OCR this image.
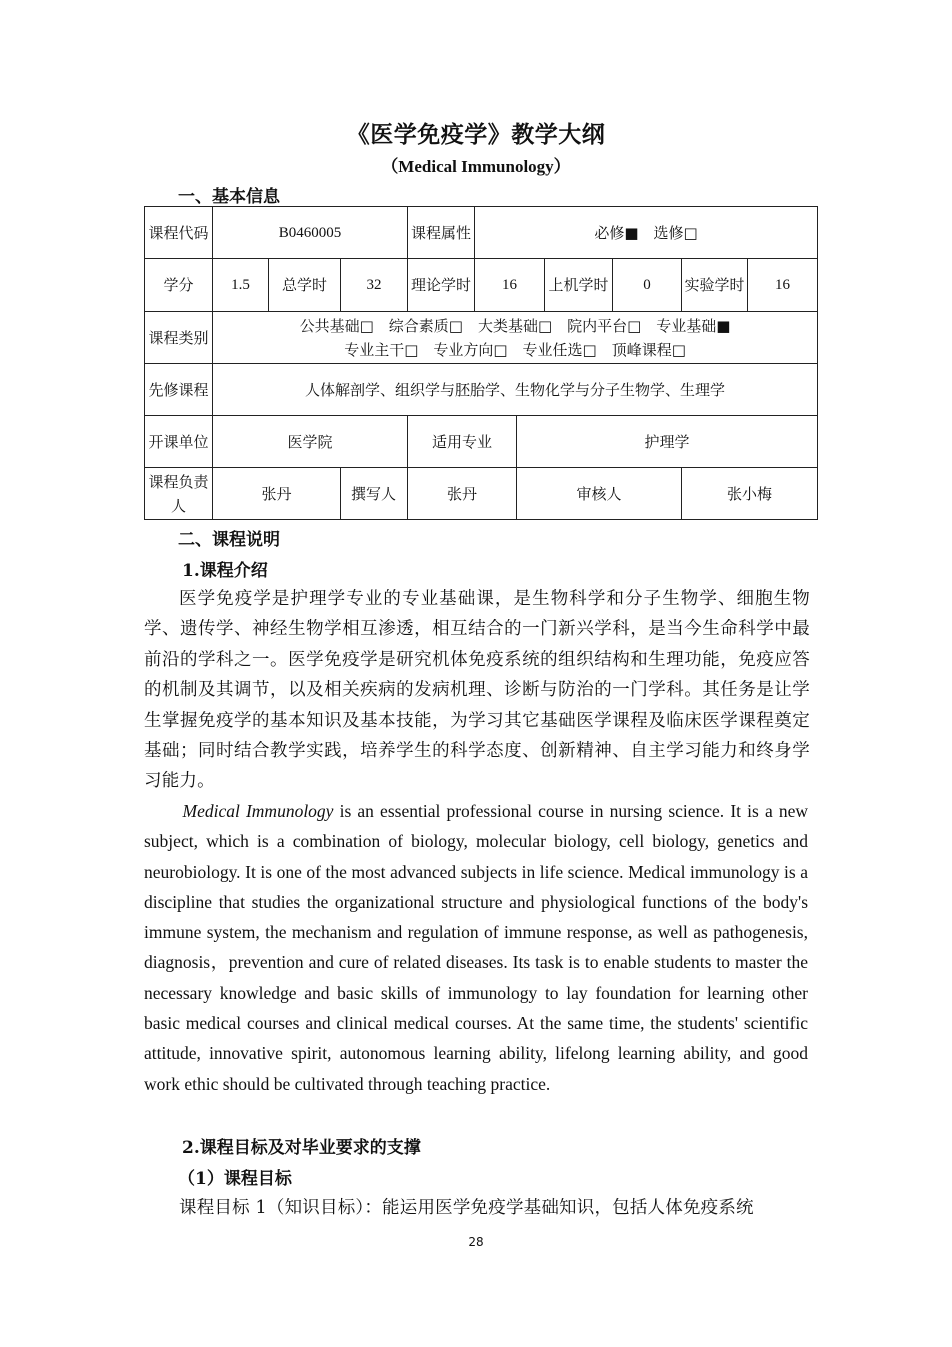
《医学免疫学》教学大纲
（Medical Immunology）
一、基本信息
课程代码	B0460005			课程属性	必修■　选修□					
学分	1.5	总学时	32	理论学时	16		上机学时	0	实验学时	16
课程类别	公共基础□　综合素质□　大类基础□　院内平台□　专业基础■
专业主干□　专业方向□　专业任选□　顶峰课程□									

先修课程	人体解剖学、组织学与胚胎学、生物化学与分子生物学、生理学									
开课单位	医学院			适用专业		护理学				
课程负责人	张丹		撰写人	张丹		审核人			张小梅	
二、课程说明
1.课程介绍
医学免疫学是护理学专业的专业基础课，是生物科学和分子生物学、细胞生物学、遗传学、神经生物学相互渗透，相互结合的一门新兴学科，是当今生命科学中最前沿的学科之一。医学免疫学是研究机体免疫系统的组织结构和生理功能，免疫应答的机制及其调节，以及相关疾病的发病机理、诊断与防治的一门学科。其任务是让学生掌握免疫学的基本知识及基本技能，为学习其它基础医学课程及临床医学课程奠定基础；同时结合教学实践，培养学生的科学态度、创新精神、自主学习能力和终身学习能力。
Medical Immunology is an essential professional course in nursing science. It is a new subject, which is a combination of biology, molecular biology, cell biology, genetics and neurobiology. It is one of the most advanced subjects in life science. Medical immunology is a discipline that studies the organizational structure and physiological functions of the body's immune system, the mechanism and regulation of immune response, as well as pathogenesis, diagnosis，prevention and cure of related diseases. Its task is to enable students to master the necessary knowledge and basic skills of immunology to lay foundation for learning other basic medical courses and clinical medical courses. At the same time, the students' scientific attitude, innovative spirit, autonomous learning ability, lifelong learning ability, and good work ethic should be cultivated through teaching practice.
2.课程目标及对毕业要求的支撑
（1）课程目标
课程目标 1（知识目标）：能运用医学免疫学基础知识，包括人体免疫系统
28
